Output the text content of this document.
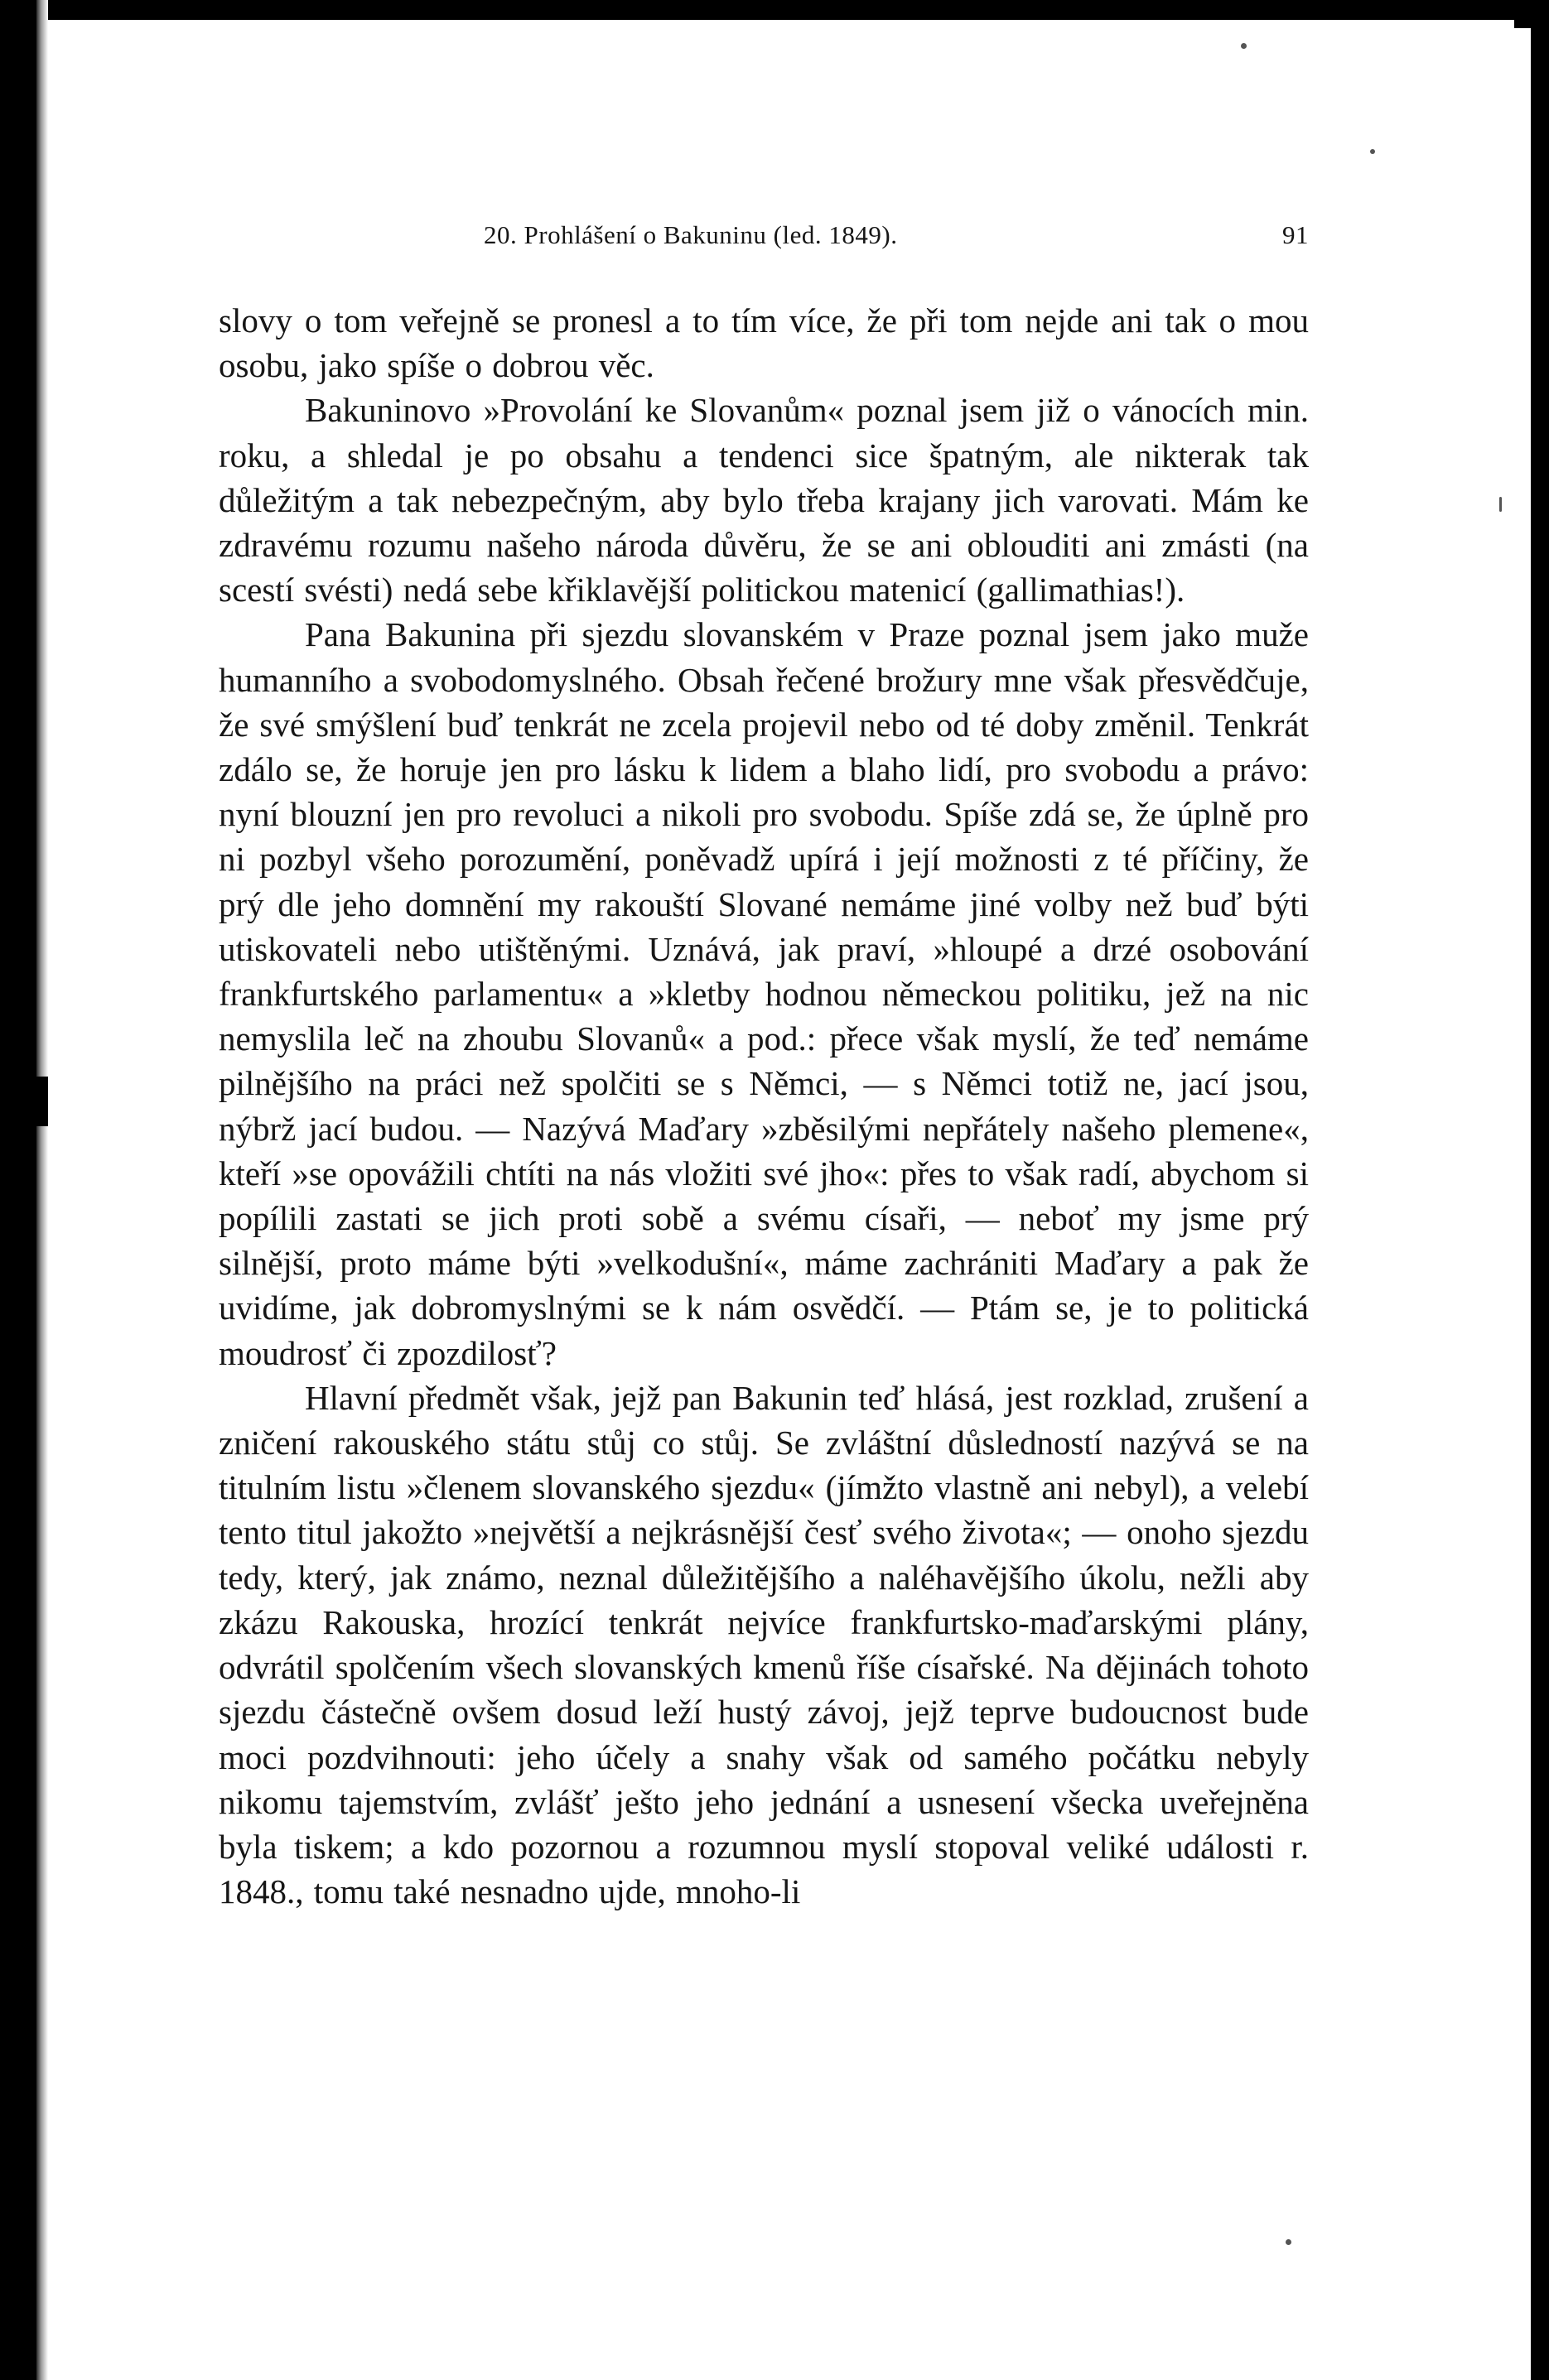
20. Prohlášení o Bakuninu (led. 1849).	91

slovy o tom veřejně se pronesl a to tím více, že při tom nejde ani tak o mou osobu, jako spíše o dobrou věc.

Bakuninovo »Provolání ke Slovanům« poznal jsem již o vánocích min. roku, a shledal je po obsahu a tendenci sice špatným, ale nikterak tak důležitým a tak nebezpečným, aby bylo třeba krajany jich varovati. Mám ke zdravému rozumu našeho národa důvěru, že se ani oblouditi ani zmásti (na scestí svésti) nedá sebe křiklavější politickou matenicí (gallimathias!).

Pana Bakunina při sjezdu slovanském v Praze poznal jsem jako muže humanního a svobodomyslného. Obsah řečené brožury mne však přesvědčuje, že své smýšlení buď tenkrát ne zcela projevil nebo od té doby změnil. Tenkrát zdálo se, že horuje jen pro lásku k lidem a blaho lidí, pro svobodu a právo: nyní blouzní jen pro revoluci a nikoli pro svobodu. Spíše zdá se, že úplně pro ni pozbyl všeho porozumění, poněvadž upírá i její možnosti z té příčiny, že prý dle jeho domnění my rakouští Slované nemáme jiné volby než buď býti utiskovateli nebo utištěnými. Uznává, jak praví, »hloupé a drzé osobování frankfurtského parlamentu« a »kletby hodnou německou politiku, jež na nic nemyslila leč na zhoubu Slovanů« a pod.: přece však myslí, že teď nemáme pilnějšího na práci než spolčiti se s Němci, — s Němci totiž ne, jací jsou, nýbrž jací budou. — Nazývá Maďary »zběsilými nepřátely našeho plemene«, kteří »se opovážili chtíti na nás vložiti své jho«: přes to však radí, abychom si popílili zastati se jich proti sobě a svému císaři, — neboť my jsme prý silnější, proto máme býti »velkodušní«, máme zachrániti Maďary a pak že uvidíme, jak dobromyslnými se k nám osvědčí. — Ptám se, je to politická moudrosť či zpozdilosť?

Hlavní předmět však, jejž pan Bakunin teď hlásá, jest rozklad, zrušení a zničení rakouského státu stůj co stůj. Se zvláštní důsledností nazývá se na titulním listu »členem slovanského sjezdu« (jímžto vlastně ani nebyl), a velebí tento titul jakožto »největší a nejkrásnější česť svého života«; — onoho sjezdu tedy, který, jak známo, neznal důležitějšího a naléhavějšího úkolu, nežli aby zkázu Rakouska, hrozící tenkrát nejvíce frankfurtsko-maďarskými plány, odvrátil spolčením všech slovanských kmenů říše císařské. Na dějinách tohoto sjezdu částečně ovšem dosud leží hustý závoj, jejž teprve budoucnost bude moci pozdvihnouti: jeho účely a snahy však od samého počátku nebyly nikomu tajemstvím, zvlášť ješto jeho jednání a usnesení všecka uveřejněna byla tiskem; a kdo pozornou a rozumnou myslí stopoval veliké události r. 1848., tomu také nesnadno ujde, mnoho-li
